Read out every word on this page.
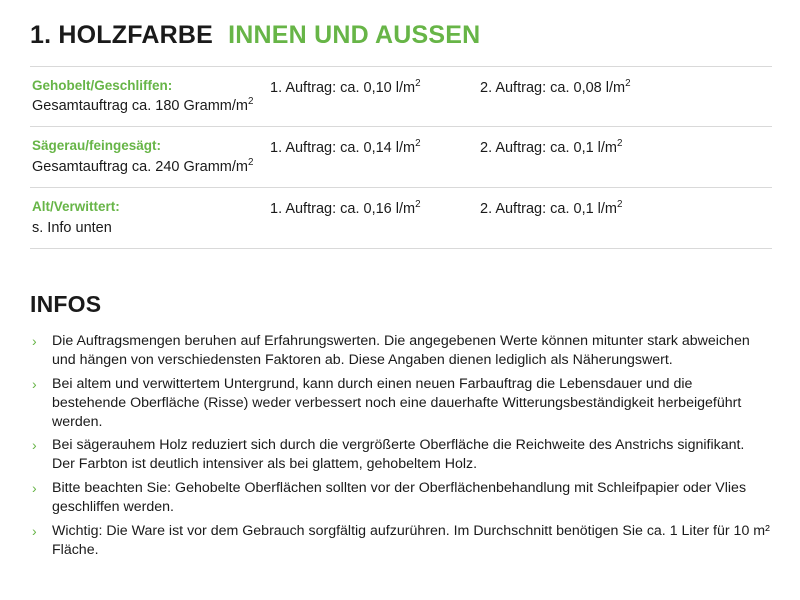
1. HOLZFARBE INNEN UND AUSSEN
Gehobelt/Geschliffen:
Gesamtauftrag ca. 180 Gramm/$m^2$
1. Auftrag: ca. 0,10 $l/m^2$	2. Auftrag: ca. 0,08 $l/m^2$
Sägerau/feingesägt:
Gesamtauftrag ca. 240 Gramm/$m^2$
1. Auftrag: ca. 0,14 $l/m^2$	2. Auftrag: ca. 0,1 $l/m^2$
Alt/Verwittert:
s. Info unten
1. Auftrag: ca. 0,16 $l/m^2$	2. Auftrag: ca. 0,1 $l/m^2$
INFOS
› Die Auftragsmengen beruhen auf Erfahrungswerten. Die angegebenen Werte können mitunter stark abweichen und hängen von verschiedensten Faktoren ab. Diese Angaben dienen lediglich als Näherungswert.
› Bei altem und verwittertem Untergrund, kann durch einen neuen Farbauftrag die Lebensdauer und die bestehende Oberfläche (Risse) weder verbessert noch eine dauerhafte Witterungsbeständigkeit herbeigeführt werden.
› Bei sägerauhem Holz reduziert sich durch die vergrößerte Oberfläche die Reichweite des Anstrichs signifikant. Der Farbton ist deutlich intensiver als bei glattem, gehobeltem Holz.
› Bitte beachten Sie: Gehobelte Oberflächen sollten vor der Oberflächenbehandlung mit Schleifpapier oder Vlies geschliffen werden.
› Wichtig: Die Ware ist vor dem Gebrauch sorgfältig aufzurühren. Im Durchschnitt benötigen Sie ca. 1 Liter für 10 m² Fläche.
